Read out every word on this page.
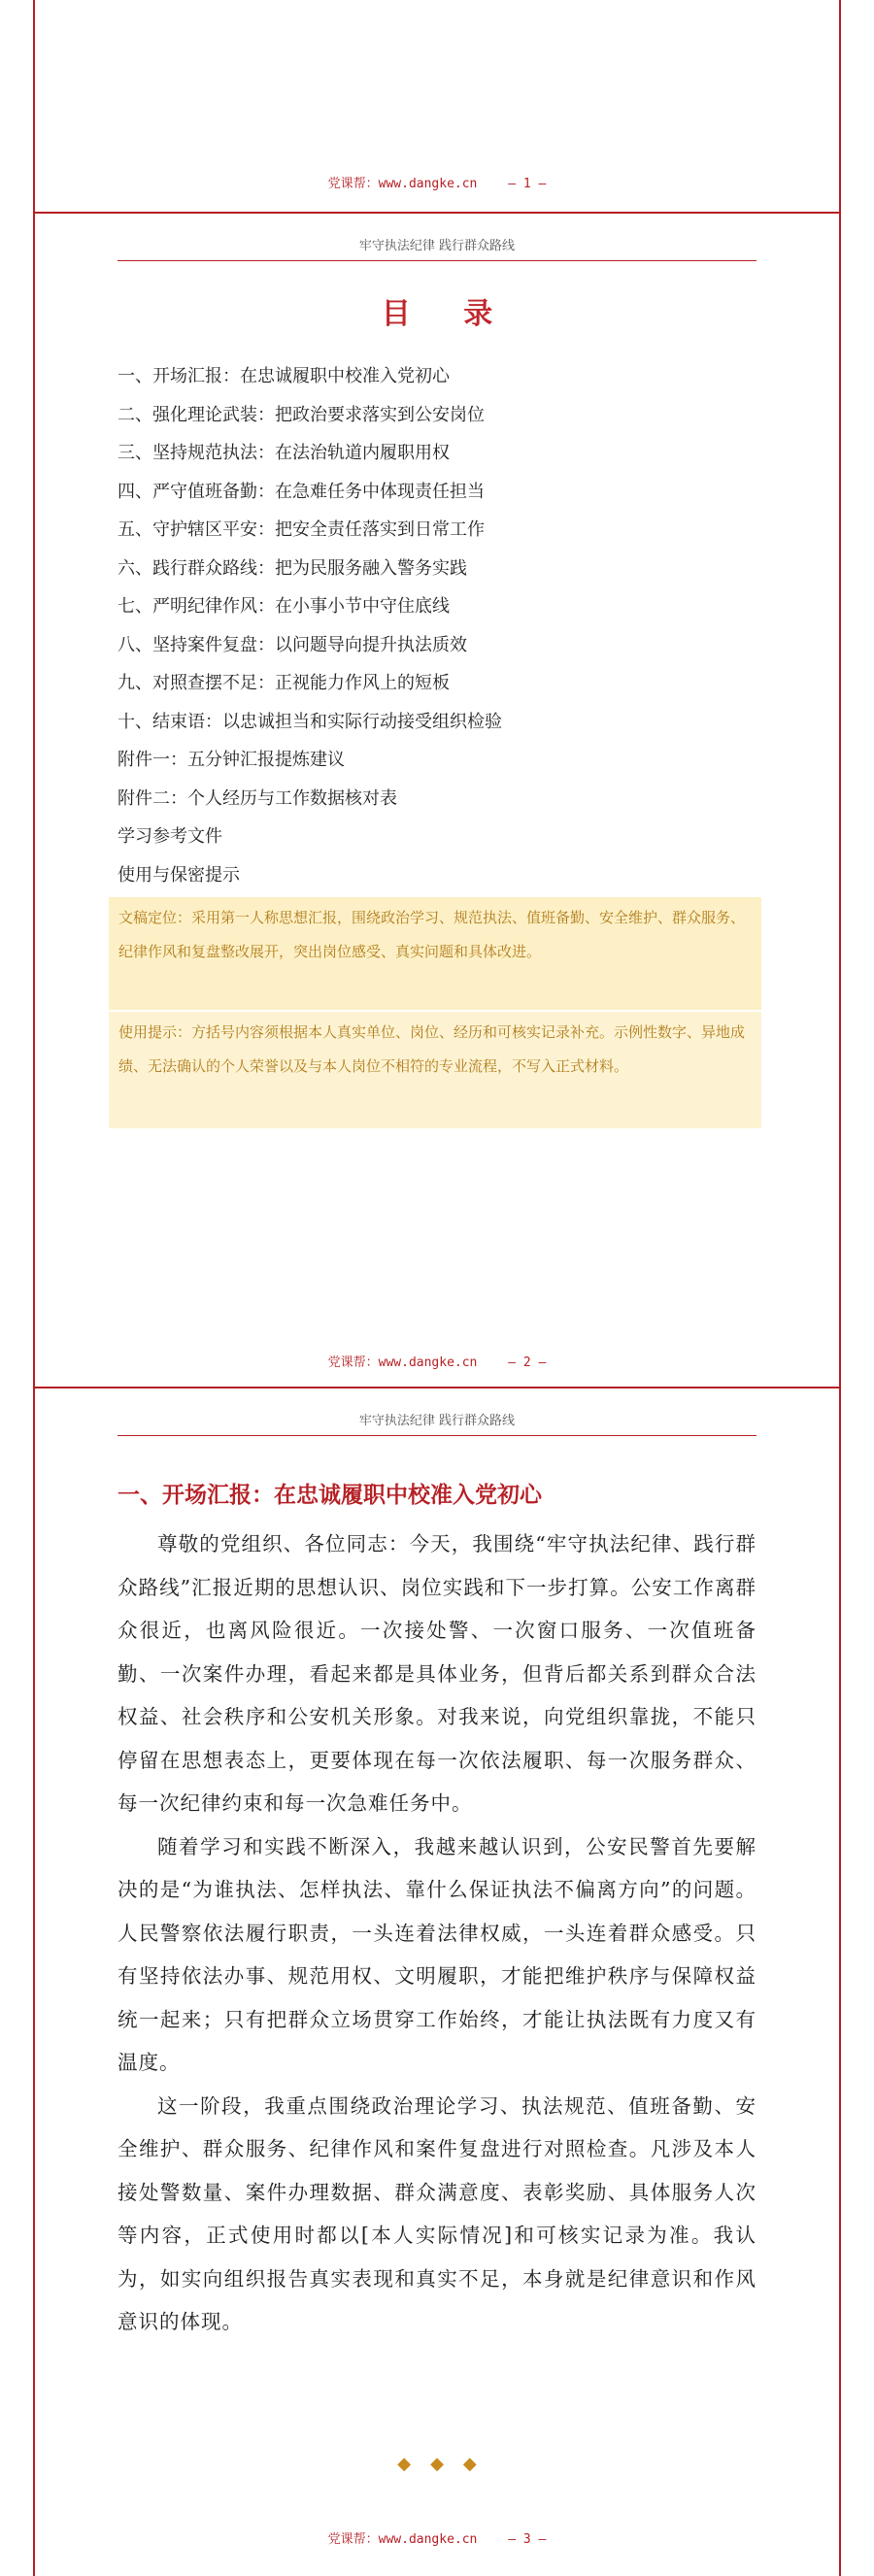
党课帮：www.dangke.cn — 1 —
牢守执法纪律 践行群众路线
目 录
一、开场汇报：在忠诚履职中校准入党初心
二、强化理论武装：把政治要求落实到公安岗位
三、坚持规范执法：在法治轨道内履职用权
四、严守值班备勤：在急难任务中体现责任担当
五、守护辖区平安：把安全责任落实到日常工作
六、践行群众路线：把为民服务融入警务实践
七、严明纪律作风：在小事小节中守住底线
八、坚持案件复盘：以问题导向提升执法质效
九、对照查摆不足：正视能力作风上的短板
十、结束语：以忠诚担当和实际行动接受组织检验
附件一：五分钟汇报提炼建议
附件二：个人经历与工作数据核对表
学习参考文件
使用与保密提示
文稿定位：采用第一人称思想汇报，围绕政治学习、规范执法、值班备勤、安全维护、群众服务、纪律作风和复盘整改展开，突出岗位感受、真实问题和具体改进。
使用提示：方括号内容须根据本人真实单位、岗位、经历和可核实记录补充。示例性数字、异地成绩、无法确认的个人荣誉以及与本人岗位不相符的专业流程，不写入正式材料。
党课帮：www.dangke.cn — 2 —
牢守执法纪律 践行群众路线
一、开场汇报：在忠诚履职中校准入党初心

尊敬的党组织、各位同志：今天，我围绕“牢守执法纪律、践行群众路线”汇报近期的思想认识、岗位实践和下一步打算。公安工作离群众很近，也离风险很近。一次接处警、一次窗口服务、一次值班备勤、一次案件办理，看起来都是具体业务，但背后都关系到群众合法权益、社会秩序和公安机关形象。对我来说，向党组织靠拢，不能只停留在思想表态上，更要体现在每一次依法履职、每一次服务群众、每一次纪律约束和每一次急难任务中。

随着学习和实践不断深入，我越来越认识到，公安民警首先要解决的是“为谁执法、怎样执法、靠什么保证执法不偏离方向”的问题。人民警察依法履行职责，一头连着法律权威，一头连着群众感受。只有坚持依法办事、规范用权、文明履职，才能把维护秩序与保障权益统一起来；只有把群众立场贯穿工作始终，才能让执法既有力度又有温度。

这一阶段，我重点围绕政治理论学习、执法规范、值班备勤、安全维护、群众服务、纪律作风和案件复盘进行对照检查。凡涉及本人接处警数量、案件办理数据、群众满意度、表彰奖励、具体服务人次等内容，正式使用时都以[本人实际情况]和可核实记录为准。我认为，如实向组织报告真实表现和真实不足，本身就是纪律意识和作风意识的体现。

◆◆◆
党课帮：www.dangke.cn — 3 —
